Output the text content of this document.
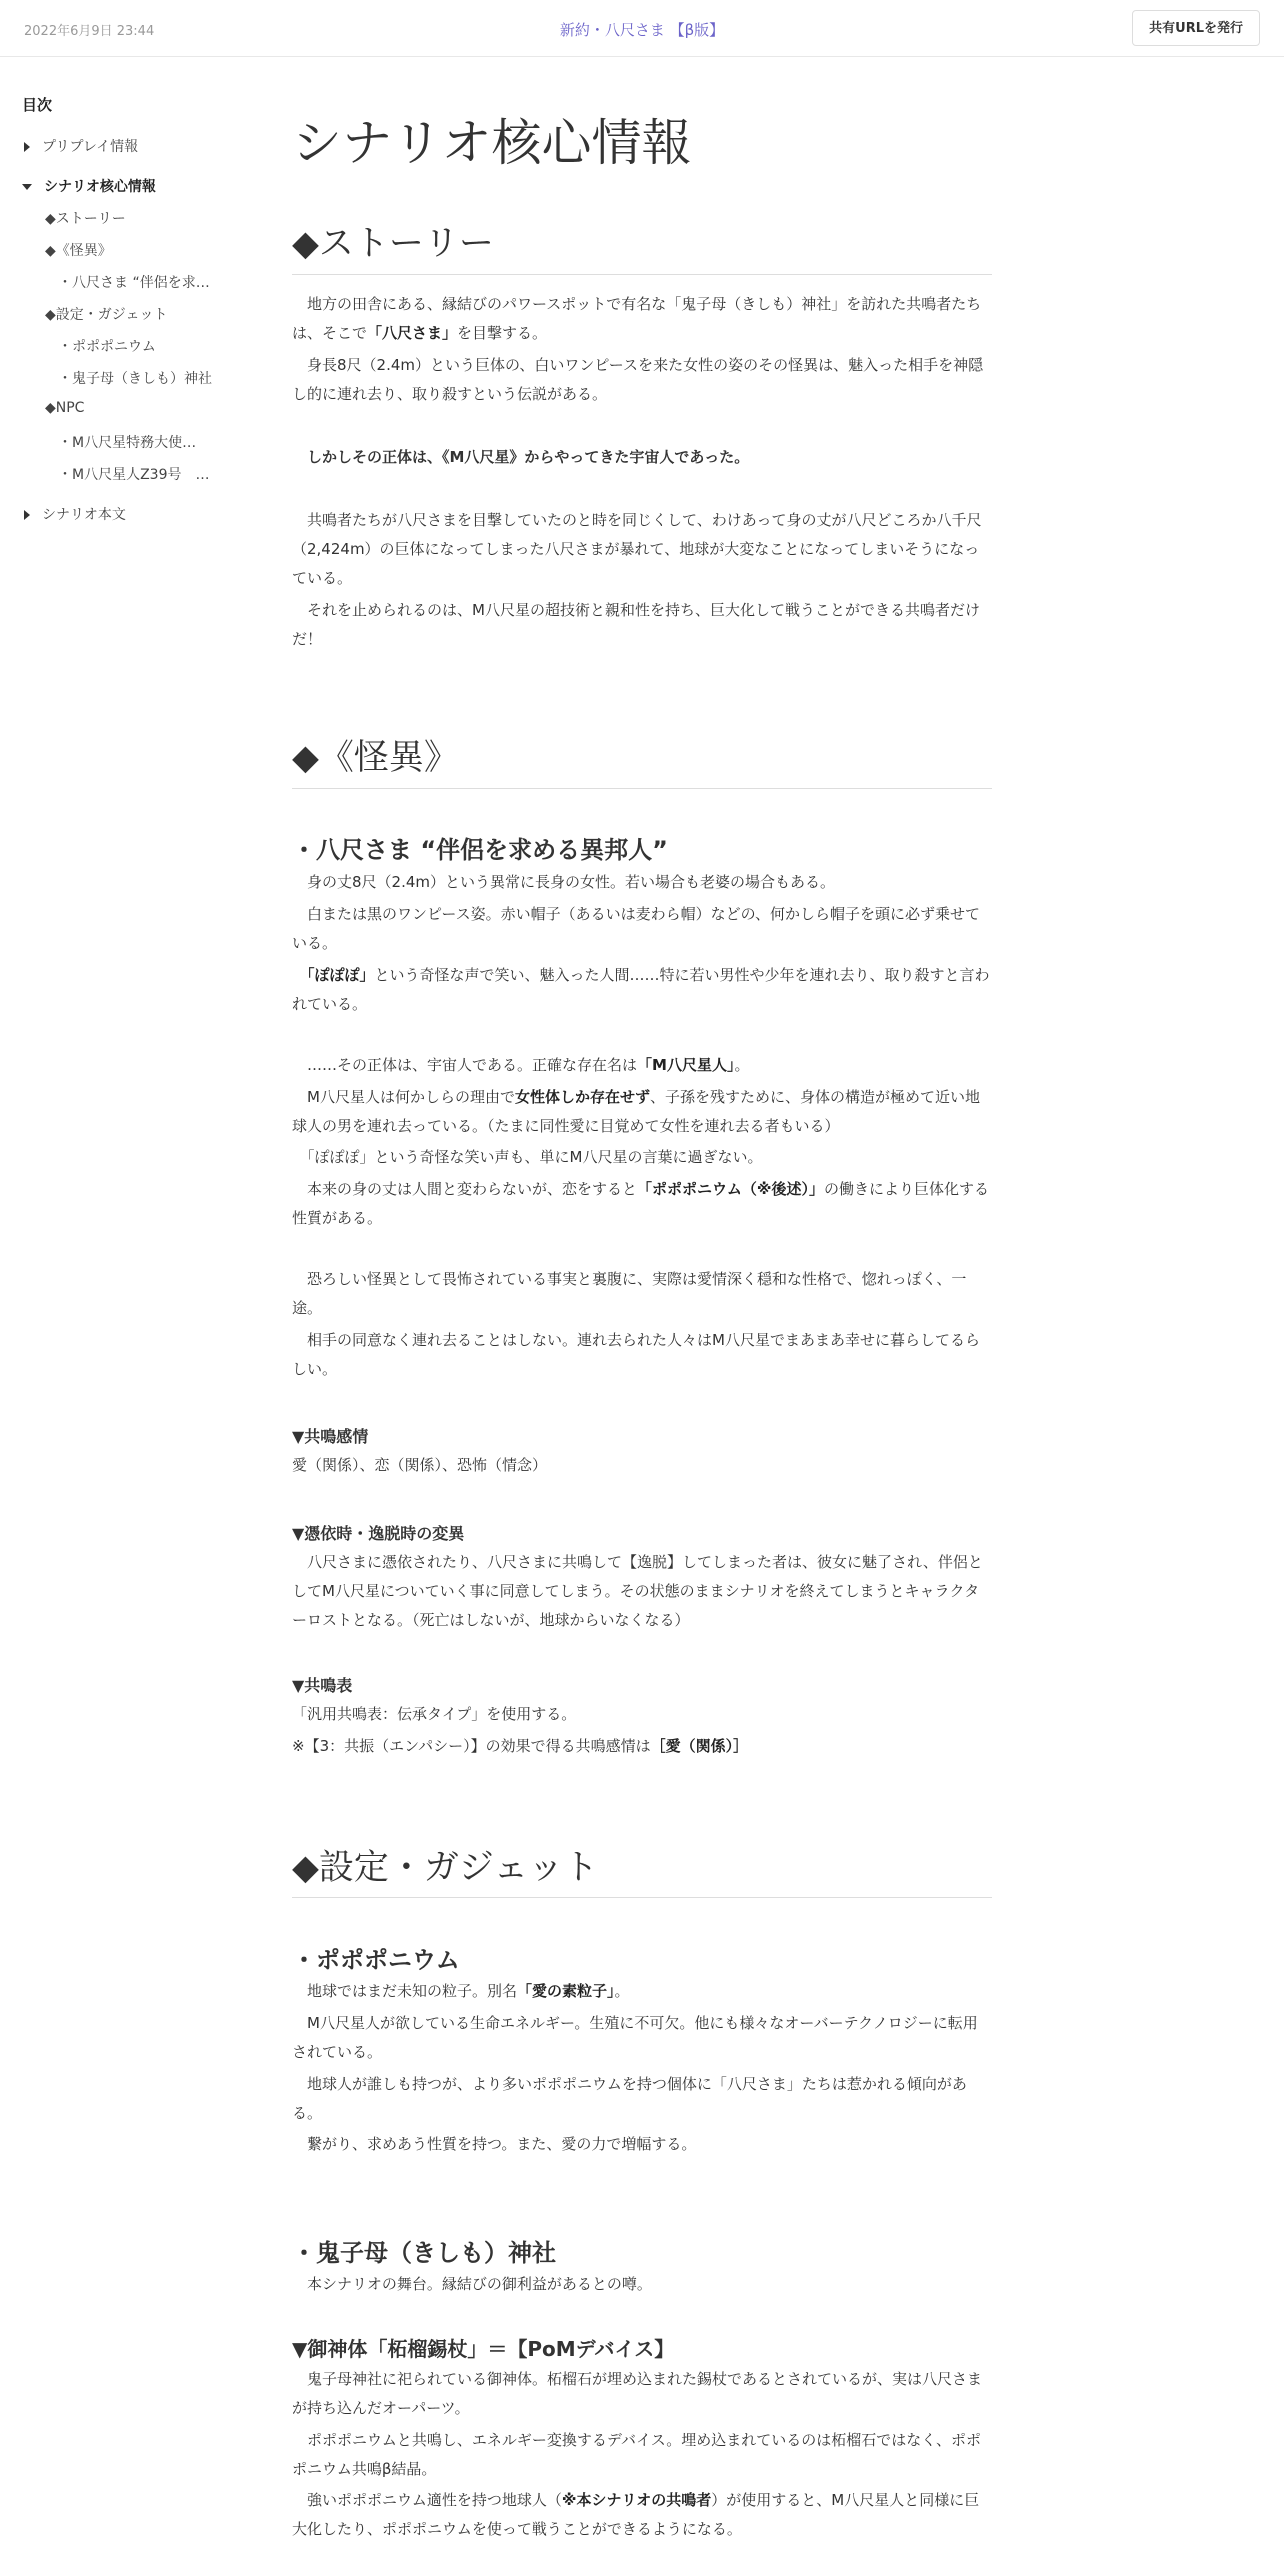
2022年6月9日 23:44	新約・八尺さま 【β版】	共有URLを発行
目次
プリプレイ情報
シナリオ核心情報
◆ストーリー
◆《怪異》
・八尺さま “伴侶を求…
◆設定・ガジェット
・ポポポニウム
・鬼子母（きしも）神社
◆NPC
・M八尺星特務大使…
・M八尺星人Z39号　…
シナリオ本文
シナリオ核心情報
◆ストーリー
　地方の田舎にある、縁結びのパワースポットで有名な「鬼子母（きしも）神社」を訪れた共鳴者たちは、そこで「八尺さま」を目撃する。
　身長8尺（2.4m）という巨体の、白いワンピースを来た女性の姿のその怪異は、魅入った相手を神隠し的に連れ去り、取り殺すという伝説がある。
　しかしその正体は、《M八尺星》からやってきた宇宙人であった。
　共鳴者たちが八尺さまを目撃していたのと時を同じくして、わけあって身の丈が八尺どころか八千尺（2,424m）の巨体になってしまった八尺さまが暴れて、地球が大変なことになってしまいそうになっている。
　それを止められるのは、M八尺星の超技術と親和性を持ち、巨大化して戦うことができる共鳴者だけだ！
◆《怪異》
・八尺さま “伴侶を求める異邦人”
　身の丈8尺（2.4m）という異常に長身の女性。若い場合も老婆の場合もある。
　白または黒のワンピース姿。赤い帽子（あるいは麦わら帽）などの、何かしら帽子を頭に必ず乗せている。
　「ぽぽぽ」という奇怪な声で笑い、魅入った人間……特に若い男性や少年を連れ去り、取り殺すと言われている。
　……その正体は、宇宙人である。正確な存在名は「M八尺星人」。
　M八尺星人は何かしらの理由で女性体しか存在せず、子孫を残すために、身体の構造が極めて近い地球人の男を連れ去っている。（たまに同性愛に目覚めて女性を連れ去る者もいる）
　「ぽぽぽ」という奇怪な笑い声も、単にM八尺星の言葉に過ぎない。
　本来の身の丈は人間と変わらないが、恋をすると「ポポポニウム（※後述）」の働きにより巨体化する性質がある。
　恐ろしい怪異として畏怖されている事実と裏腹に、実際は愛情深く穏和な性格で、惚れっぽく、一途。
　相手の同意なく連れ去ることはしない。連れ去られた人々はM八尺星でまあまあ幸せに暮らしてるらしい。
▼共鳴感情
愛（関係）、恋（関係）、恐怖（情念）
▼憑依時・逸脱時の変異
　八尺さまに憑依されたり、八尺さまに共鳴して【逸脱】してしまった者は、彼女に魅了され、伴侶としてM八尺星についていく事に同意してしまう。その状態のままシナリオを終えてしまうとキャラクターロストとなる。（死亡はしないが、地球からいなくなる）
▼共鳴表
「汎用共鳴表：伝承タイプ」を使用する。
※【3：共振（エンパシー）】の効果で得る共鳴感情は［愛（関係）］
◆設定・ガジェット
・ポポポニウム
　地球ではまだ未知の粒子。別名「愛の素粒子」。
　M八尺星人が欲している生命エネルギー。生殖に不可欠。他にも様々なオーバーテクノロジーに転用されている。
　地球人が誰しも持つが、より多いポポポニウムを持つ個体に「八尺さま」たちは惹かれる傾向がある。
　繋がり、求めあう性質を持つ。また、愛の力で増幅する。
・鬼子母（きしも）神社
　本シナリオの舞台。縁結びの御利益があるとの噂。
▼御神体「柘榴錫杖」＝【PoMデバイス】
　鬼子母神社に祀られている御神体。柘榴石が埋め込まれた錫杖であるとされているが、実は八尺さまが持ち込んだオーパーツ。
　ポポポニウムと共鳴し、エネルギー変換するデバイス。埋め込まれているのは柘榴石ではなく、ポポポニウム共鳴β結晶。
　強いポポポニウム適性を持つ地球人（※本シナリオの共鳴者）が使用すると、M八尺星人と同様に巨大化したり、ポポポニウムを使って戦うことができるようになる。
